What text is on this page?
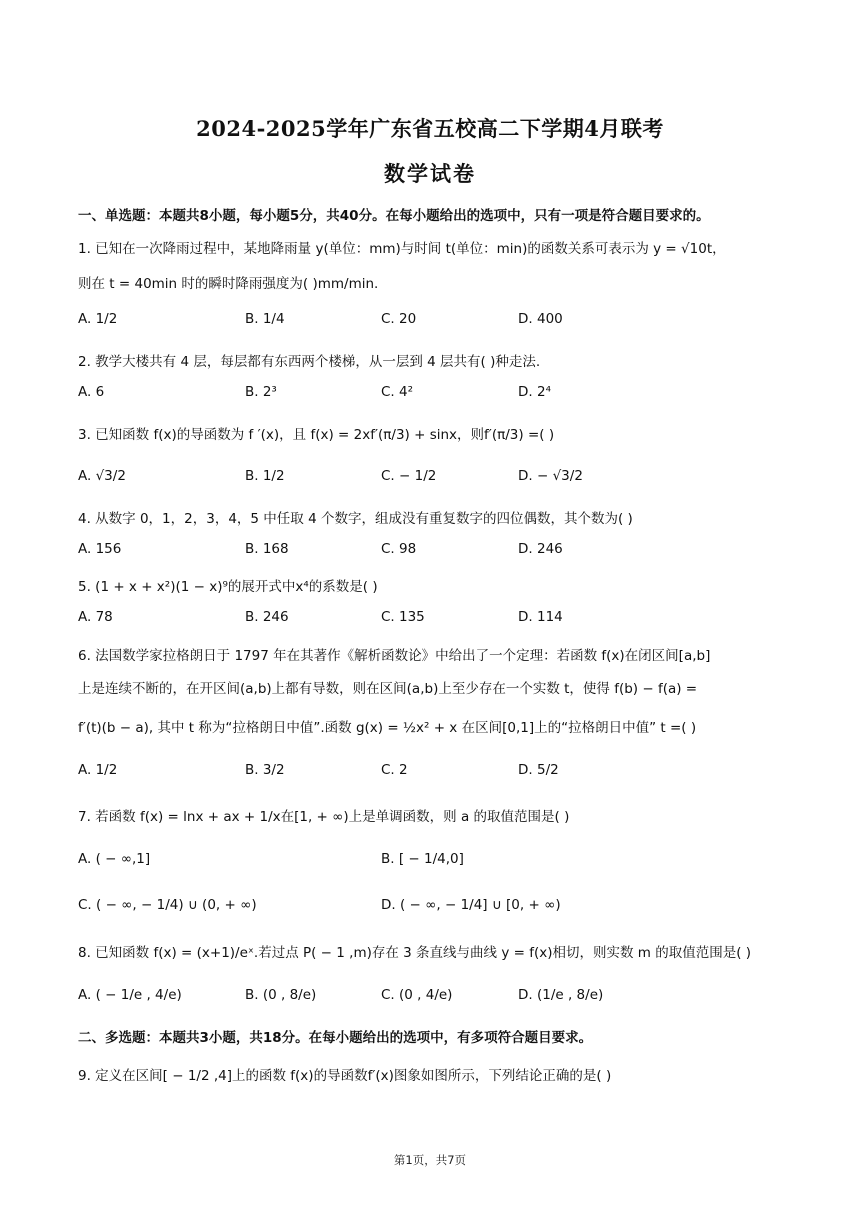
2024-2025学年广东省五校高二下学期4月联考
数学试卷
一、单选题：本题共8小题，每小题5分，共40分。在每小题给出的选项中，只有一项是符合题目要求的。
1. 已知在一次降雨过程中，某地降雨量 y(单位：mm)与时间 t(单位：min)的函数关系可表示为 y = √10t，
则在 t = 40min 时的瞬时降雨强度为( )mm/min.
A. 1/2	B. 1/4	C. 20	D. 400
2. 教学大楼共有 4 层，每层都有东西两个楼梯，从一层到 4 层共有( )种走法.
A. 6	B. 2³	C. 4²	D. 2⁴
3. 已知函数 f(x)的导函数为 f ′(x)，且 f(x) = 2xf′(π/3) + sinx，则f′(π/3) =( )
A. √3/2	B. 1/2	C. − 1/2	D. − √3/2
4. 从数字 0，1，2，3，4，5 中任取 4 个数字，组成没有重复数字的四位偶数，其个数为( )
A. 156	B. 168	C. 98	D. 246
5. (1 + x + x²)(1 − x)⁹的展开式中x⁴的系数是( )
A. 78	B. 246	C. 135	D. 114
6. 法国数学家拉格朗日于 1797 年在其著作《解析函数论》中给出了一个定理：若函数 f(x)在闭区间[a,b]
上是连续不断的，在开区间(a,b)上都有导数，则在区间(a,b)上至少存在一个实数 t，使得 f(b) − f(a) =
f′(t)(b − a), 其中 t 称为“拉格朗日中值”.函数 g(x) = ½x² + x 在区间[0,1]上的“拉格朗日中值” t =( )
A. 1/2	B. 3/2	C. 2	D. 5/2
7. 若函数 f(x) = lnx + ax + 1/x在[1, + ∞)上是单调函数，则 a 的取值范围是( )
A. ( − ∞,1]	B. [ − 1/4,0]
C. ( − ∞, − 1/4) ∪ (0, + ∞)	D. ( − ∞, − 1/4] ∪ [0, + ∞)
8. 已知函数 f(x) = (x+1)/eˣ.若过点 P( − 1 ,m)存在 3 条直线与曲线 y = f(x)相切，则实数 m 的取值范围是( )
A. ( − 1/e , 4/e)	B. (0 , 8/e)	C. (0 , 4/e)	D. (1/e , 8/e)
二、多选题：本题共3小题，共18分。在每小题给出的选项中，有多项符合题目要求。
9. 定义在区间[ − 1/2 ,4]上的函数 f(x)的导函数f′(x)图象如图所示，下列结论正确的是( )
第1页，共7页
